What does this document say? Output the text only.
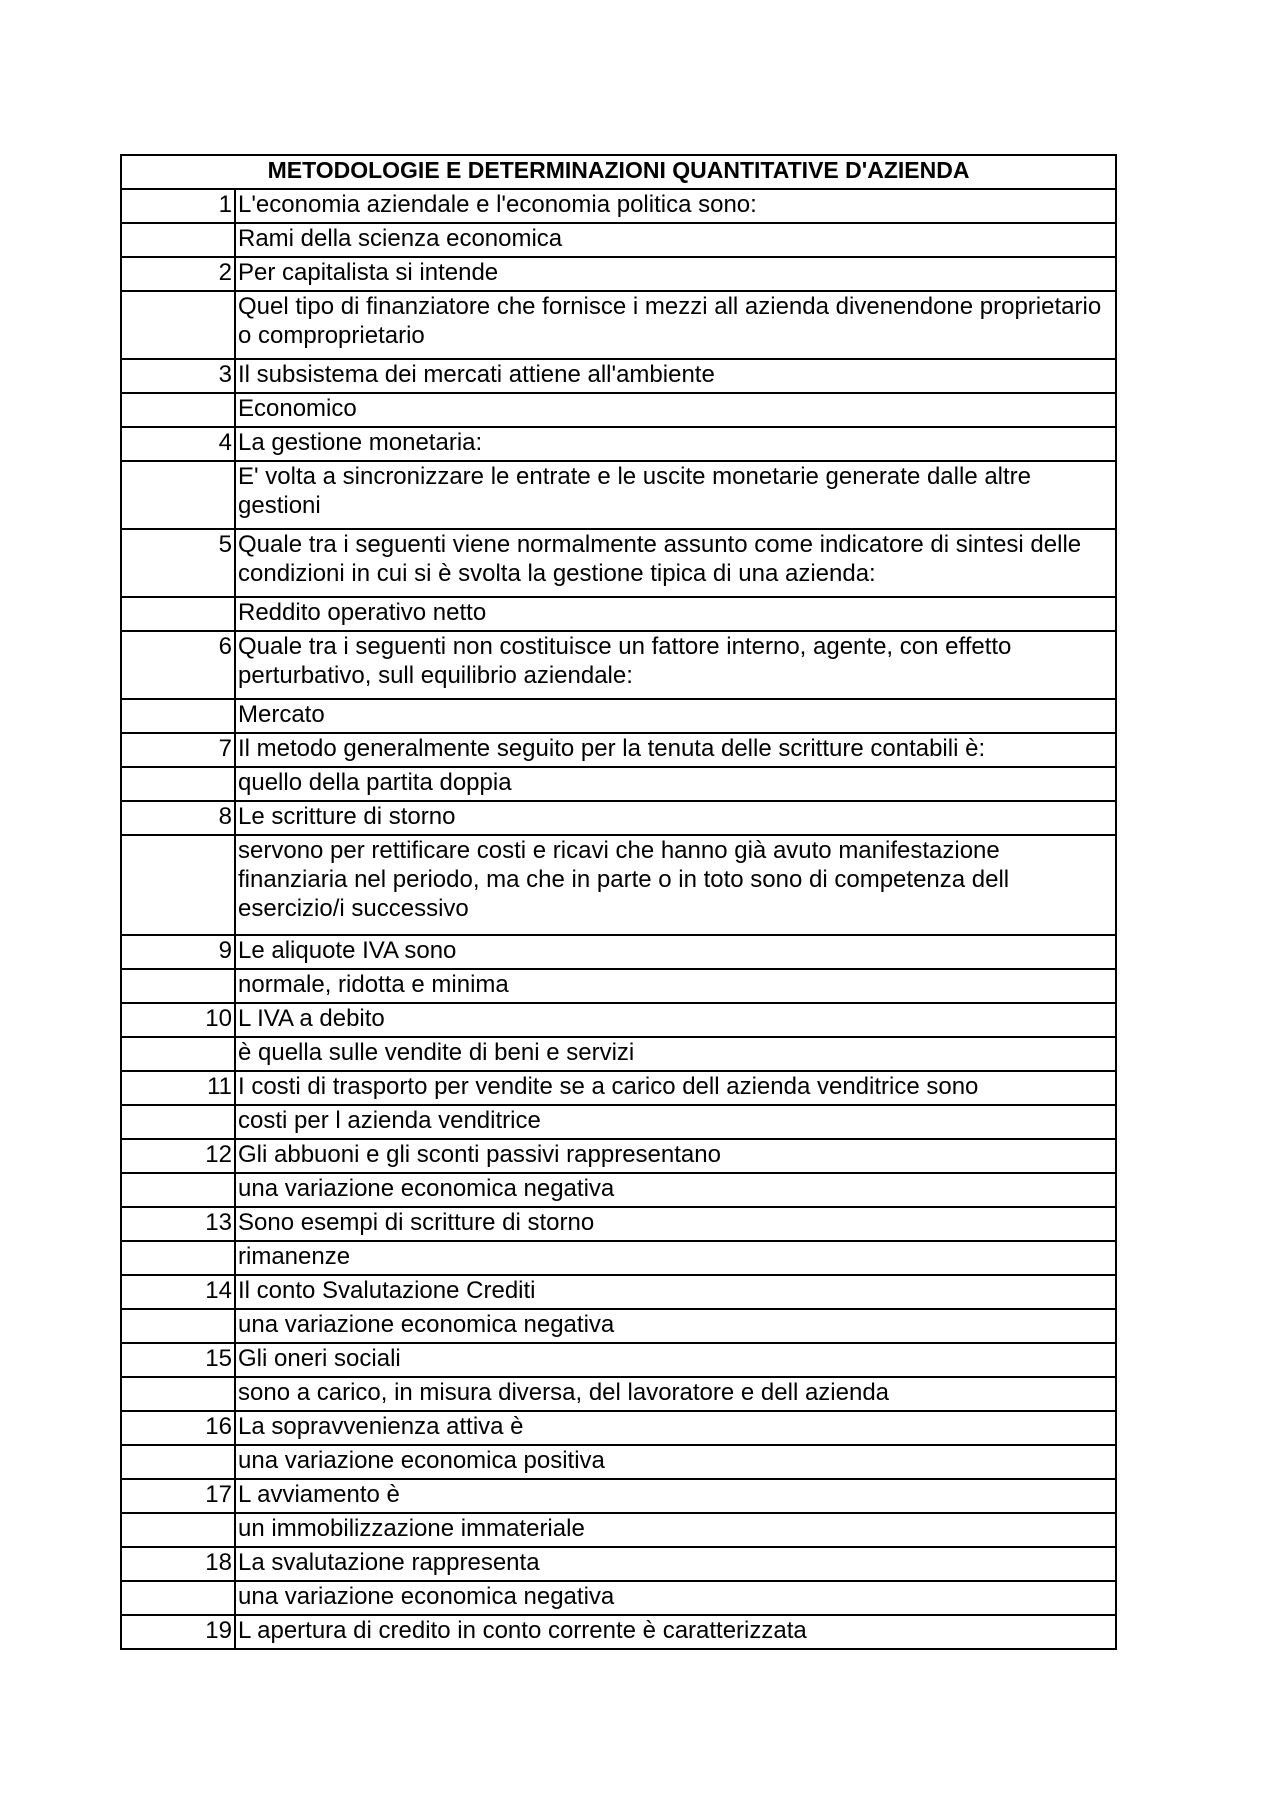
METODOLOGIE E DETERMINAZIONI QUANTITATIVE D'AZIENDA	
1	L'economia aziendale e l'economia politica sono:
	Rami della scienza economica
2	Per capitalista si intende
	Quel tipo di finanziatore che fornisce i mezzi all azienda divenendone proprietario o comproprietario
3	Il subsistema dei mercati attiene all'ambiente
	Economico
4	La gestione monetaria:
	E' volta a sincronizzare le entrate e le uscite monetarie generate dalle altre gestioni
5	Quale tra i seguenti viene normalmente assunto come indicatore di sintesi delle condizioni in cui si è svolta la gestione tipica di una azienda:
	Reddito operativo netto
6	Quale tra i seguenti non costituisce un fattore interno, agente, con effetto perturbativo, sull equilibrio aziendale:
	Mercato
7	Il metodo generalmente seguito per la tenuta delle scritture contabili è:
	quello della partita doppia
8	Le scritture di storno
	servono per rettificare costi e ricavi che hanno già avuto manifestazione finanziaria nel periodo, ma che in parte o in toto sono di competenza dell esercizio/i successivo
9	Le aliquote IVA sono
	normale, ridotta e minima
10	L IVA a debito
	è quella sulle vendite di beni e servizi
11	I costi di trasporto per vendite se a carico dell azienda venditrice sono
	costi per l azienda venditrice
12	Gli abbuoni e gli sconti passivi rappresentano
	una variazione economica negativa
13	Sono esempi di scritture di storno
	rimanenze
14	Il conto Svalutazione Crediti
	una variazione economica negativa
15	Gli oneri sociali
	sono a carico, in misura diversa, del lavoratore e dell azienda
16	La sopravvenienza attiva è
	una variazione economica positiva
17	L avviamento è
	un immobilizzazione immateriale
18	La svalutazione rappresenta
	una variazione economica negativa
19	L apertura di credito in conto corrente è caratterizzata
